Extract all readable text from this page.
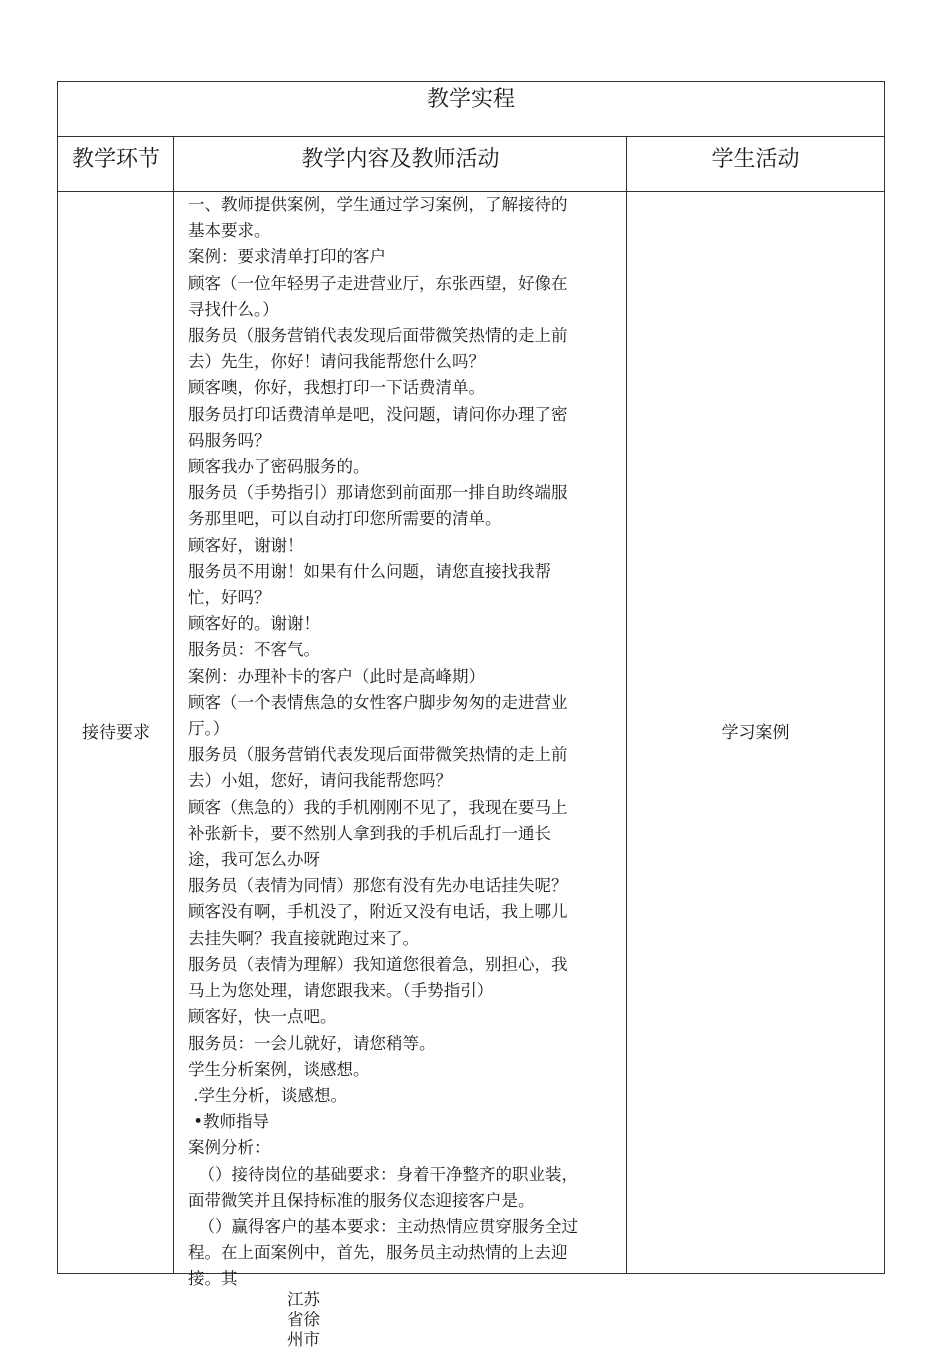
教学实程
教学环节	教学内容及教师活动	学生活动
接待要求

一、教师提供案例，学生通过学习案例，了解接待的

基本要求。

案例：要求清单打印的客户

顾客（一位年轻男子走进营业厅，东张西望，好像在

寻找什么。）

服务员（服务营销代表发现后面带微笑热情的走上前

去）先生，你好！请问我能帮您什么吗？

顾客噢，你好，我想打印一下话费清单。

服务员打印话费清单是吧，没问题，请问你办理了密

码服务吗？

顾客我办了密码服务的。

服务员（手势指引）那请您到前面那一排自助终端服

务那里吧，可以自动打印您所需要的清单。

顾客好，谢谢！

服务员不用谢！如果有什么问题，请您直接找我帮

忙，好吗？

顾客好的。谢谢！

服务员：不客气。

案例：办理补卡的客户（此时是高峰期）

顾客（一个表情焦急的女性客户脚步匆匆的走进营业

厅。）

服务员（服务营销代表发现后面带微笑热情的走上前

去）小姐，您好，请问我能帮您吗？

顾客（焦急的）我的手机刚刚不见了，我现在要马上

补张新卡，要不然别人拿到我的手机后乱打一通长

途，我可怎么办呀

服务员（表情为同情）那您有没有先办电话挂失呢？

顾客没有啊，手机没了，附近又没有电话，我上哪儿

去挂失啊？我直接就跑过来了。

服务员（表情为理解）我知道您很着急，别担心，我

马上为您处理，请您跟我来。（手势指引）

顾客好，快一点吧。

服务员：一会儿就好，请您稍等。

学生分析案例，谈感想。

.学生分析，谈感想。

•教师指导

案例分析：

（）接待岗位的基础要求：身着干净整齐的职业装，

面带微笑并且保持标准的服务仪态迎接客户是。

（）赢得客户的基本要求：主动热情应贯穿服务全过

程。在上面案例中，首先，服务员主动热情的上去迎

接。其

学习案例
江苏
省徐
州市
